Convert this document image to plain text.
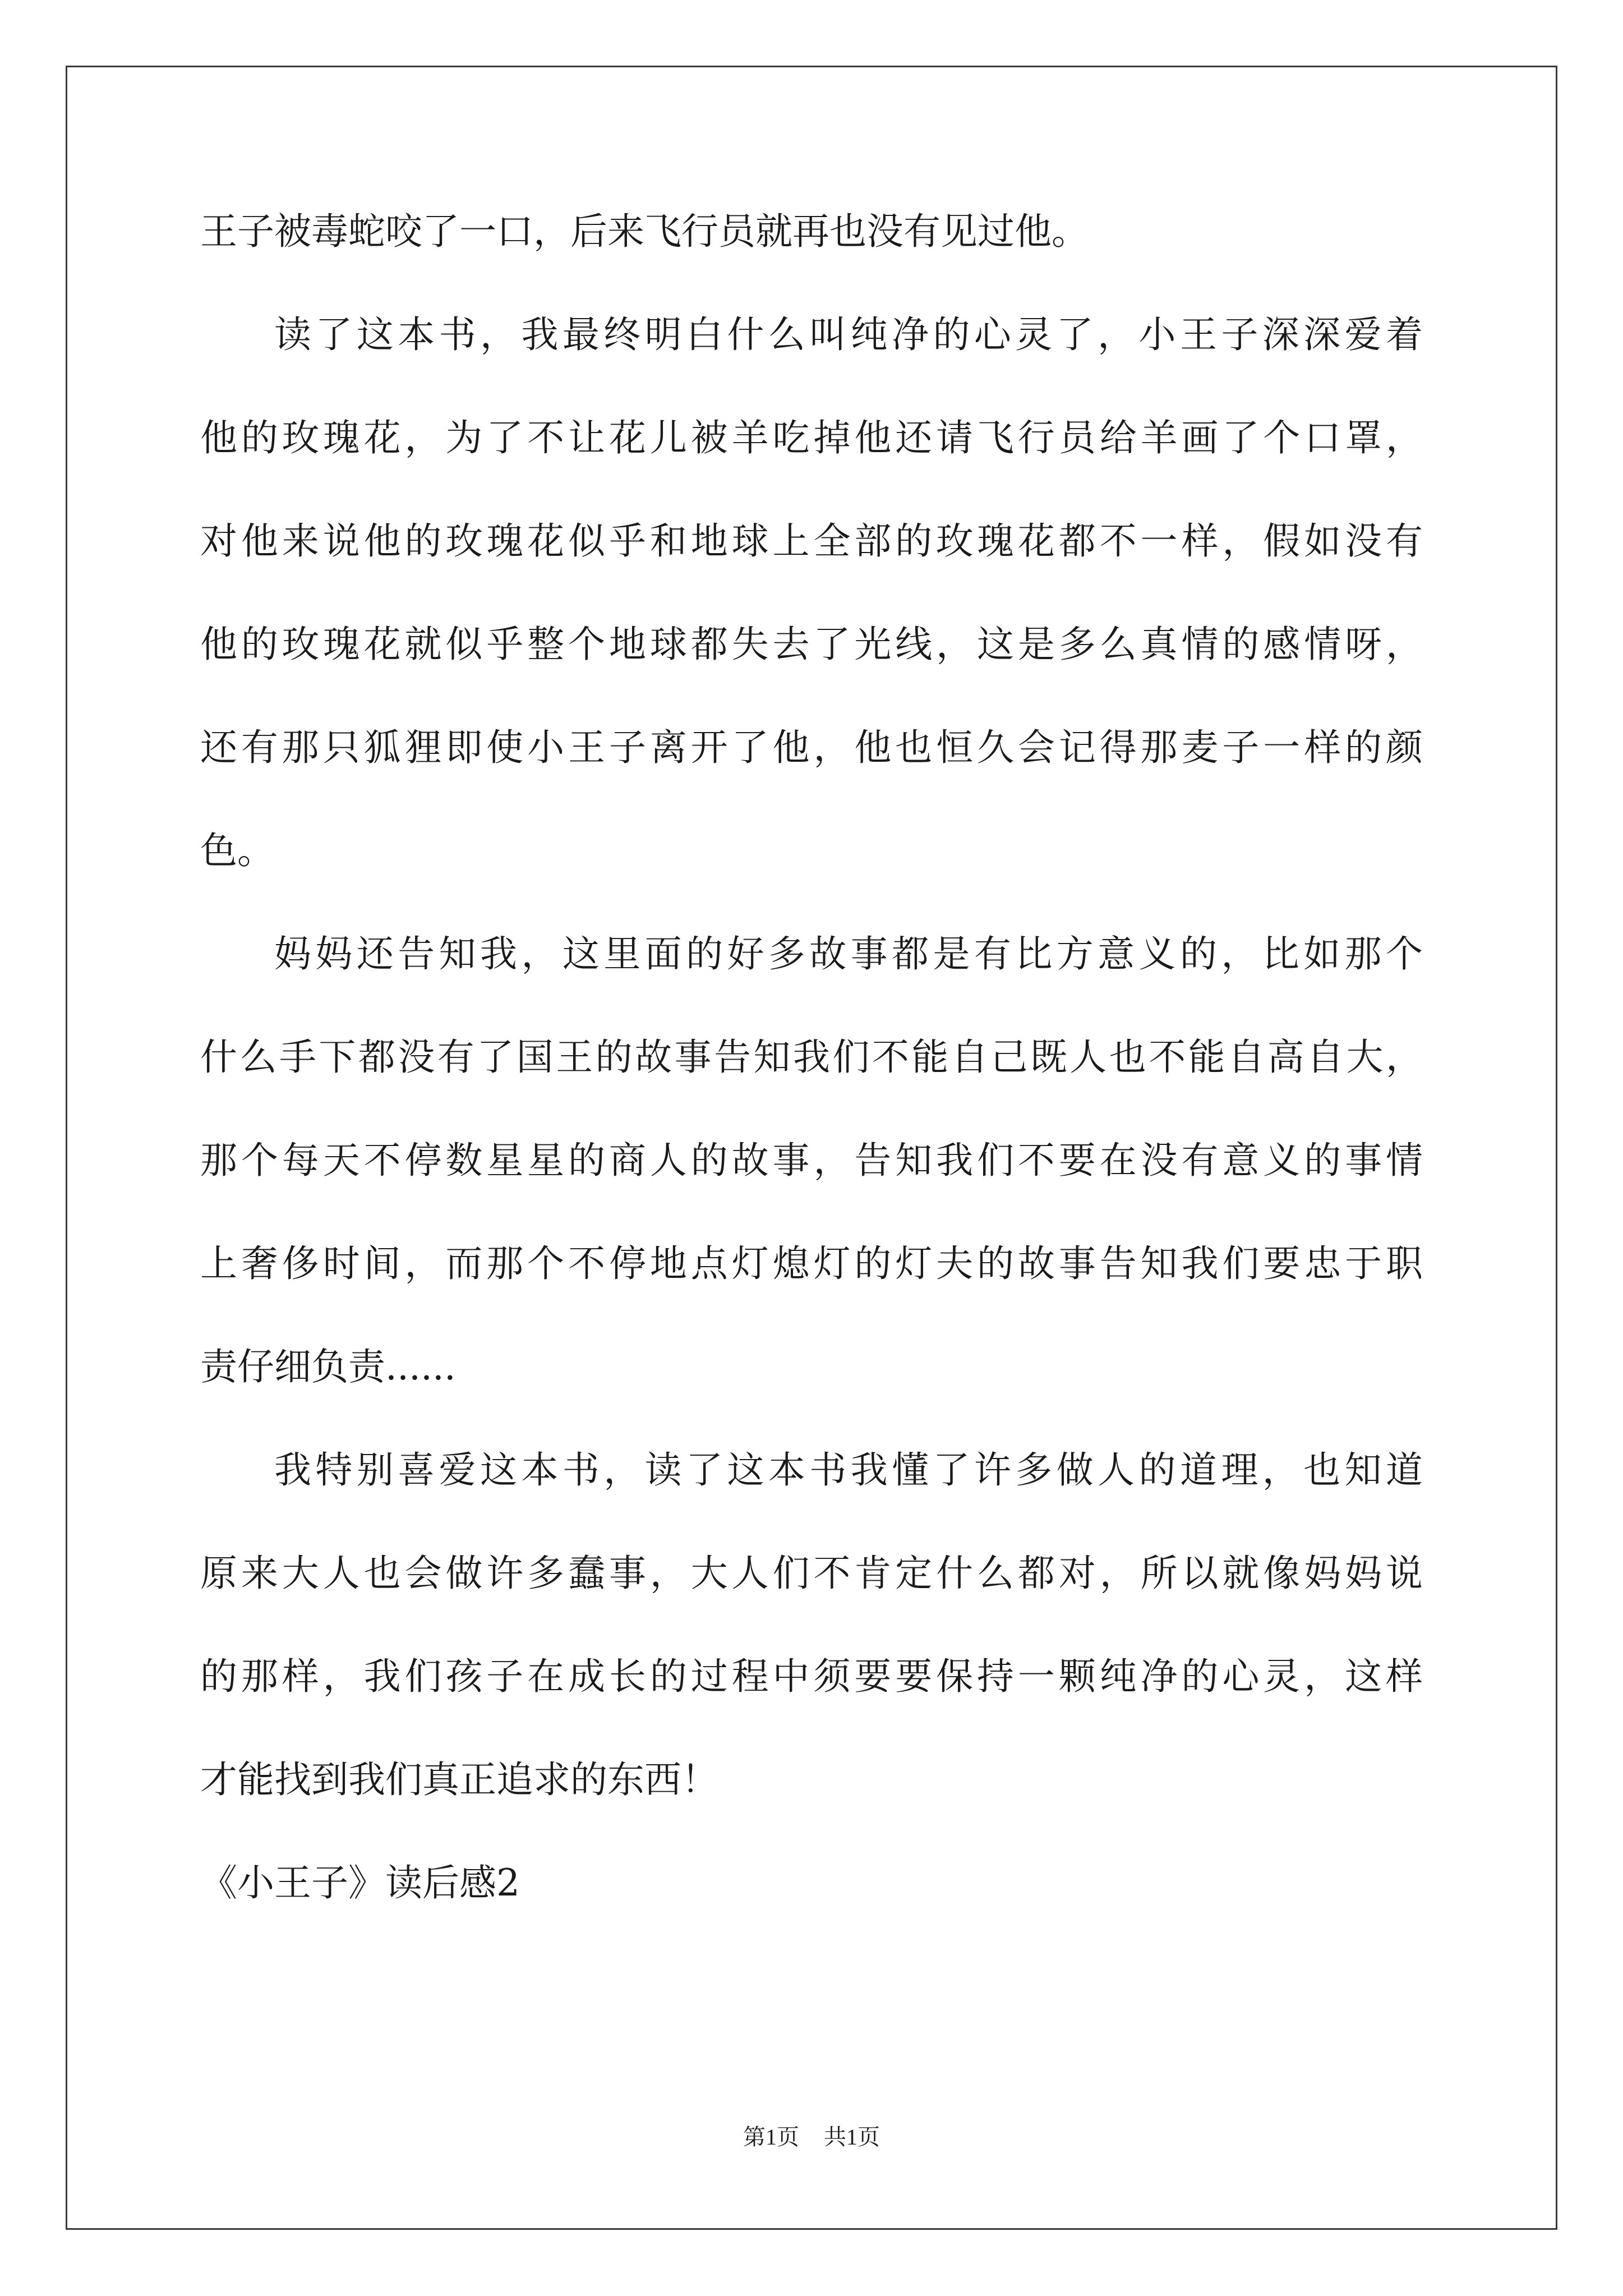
王子被毒蛇咬了一口，后来飞行员就再也没有见过他。
读了这本书，我最终明白什么叫纯净的心灵了，小王子深深爱着
他的玫瑰花，为了不让花儿被羊吃掉他还请飞行员给羊画了个口罩，
对他来说他的玫瑰花似乎和地球上全部的玫瑰花都不一样，假如没有
他的玫瑰花就似乎整个地球都失去了光线，这是多么真情的感情呀，
还有那只狐狸即使小王子离开了他，他也恒久会记得那麦子一样的颜
色。
妈妈还告知我，这里面的好多故事都是有比方意义的，比如那个
什么手下都没有了国王的故事告知我们不能自己既人也不能自高自大，
那个每天不停数星星的商人的故事，告知我们不要在没有意义的事情
上奢侈时间，而那个不停地点灯熄灯的灯夫的故事告知我们要忠于职
责仔细负责......
我特别喜爱这本书，读了这本书我懂了许多做人的道理，也知道
原来大人也会做许多蠢事，大人们不肯定什么都对，所以就像妈妈说
的那样，我们孩子在成长的过程中须要要保持一颗纯净的心灵，这样
才能找到我们真正追求的东西！
《小王子》读后感2
第1页 共1页
